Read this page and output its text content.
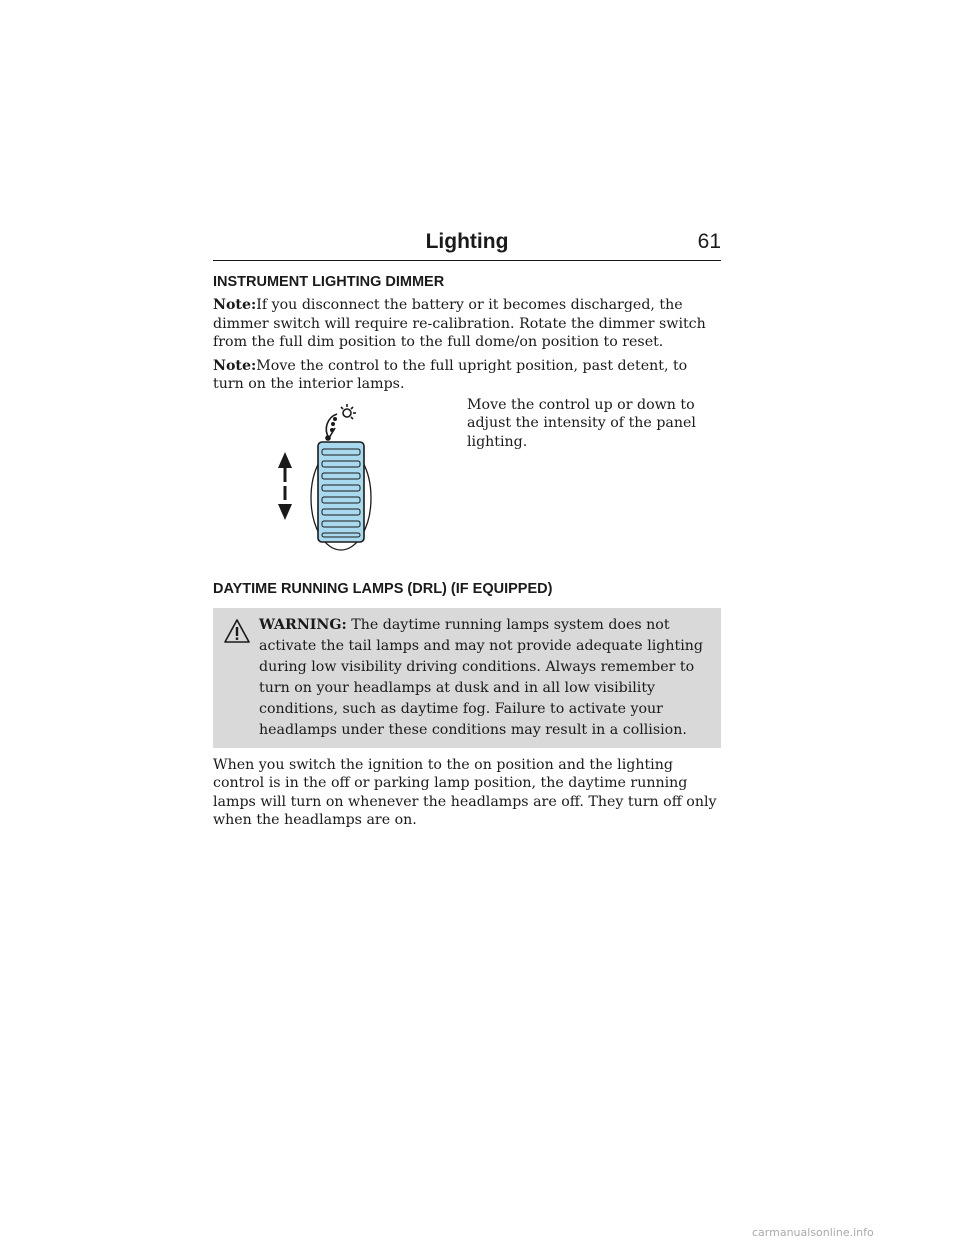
Lighting	61
INSTRUMENT LIGHTING DIMMER

Note:If you disconnect the battery or it becomes discharged, the dimmer switch will require re-calibration. Rotate the dimmer switch from the full dim position to the full dome/on position to reset.

Note:Move the control to the full upright position, past detent, to turn on the interior lamps.

Move the control up or down to adjust the intensity of the panel lighting.
DAYTIME RUNNING LAMPS (DRL) (IF EQUIPPED)
WARNING: The daytime running lamps system does not activate the tail lamps and may not provide adequate lighting during low visibility driving conditions. Always remember to turn on your headlamps at dusk and in all low visibility conditions, such as daytime fog. Failure to activate your headlamps under these conditions may result in a collision.

When you switch the ignition to the on position and the lighting control is in the off or parking lamp position, the daytime running lamps will turn on whenever the headlamps are off. They turn off only when the headlamps are on.

carmanualsonline.info
